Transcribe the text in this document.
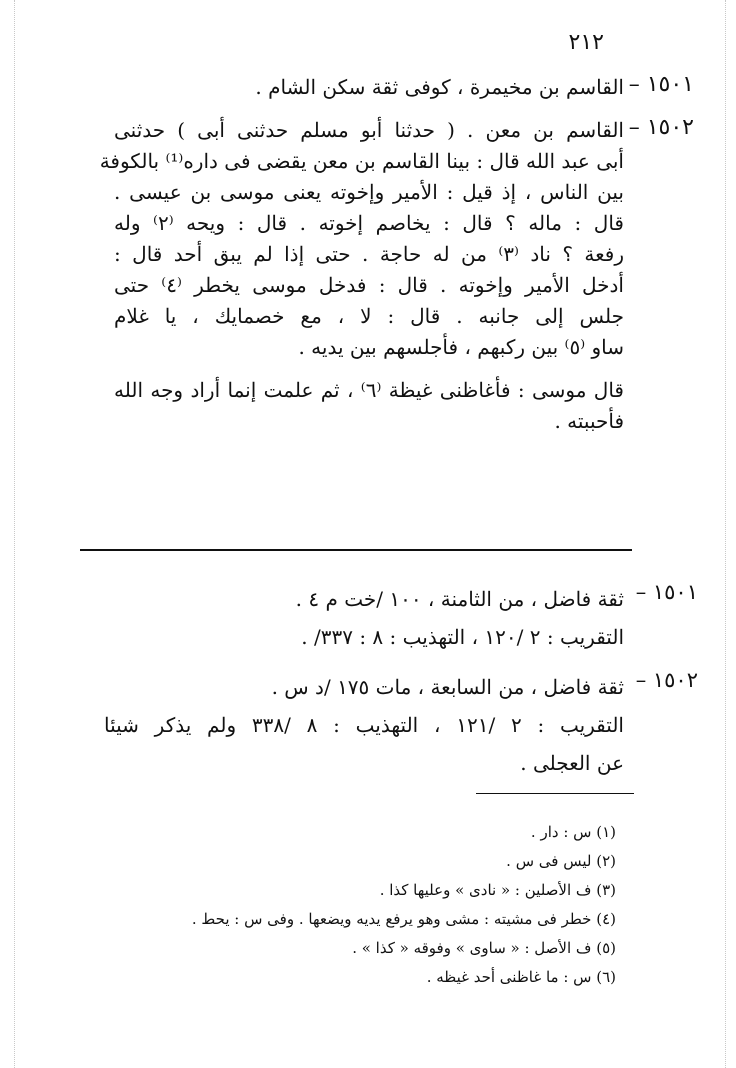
٢١٢
١٥٠١ –
القاسم بن مخيمرة ، كوفى ثقة سكن الشام .
١٥٠٢ –
القاسم بن معن . ( حدثنا أبو مسلم حدثنى أبى ) حدثنى
أبى عبد الله قال : بينا القاسم بن معن يقضى فى داره⁽¹⁾ بالكوفة
بين الناس ، إذ قيل : الأمير وإخوته يعنى موسى بن عيسى .
قال : ماله ؟ قال : يخاصم إخوته . قال : ويحه ⁽٢⁾ وله
رفعة ؟ ناد ⁽٣⁾ من له حاجة . حتى إذا لم يبق أحد قال :
أدخل الأمير وإخوته . قال : فدخل موسى يخطر ⁽٤⁾ حتى
جلس إلى جانبه . قال : لا ، مع خصمايك ، يا غلام
ساو ⁽٥⁾ بين ركبهم ، فأجلسهم بين يديه .
قال موسى : فأغاظنى غيظة ⁽٦⁾ ، ثم علمت إنما أراد وجه الله
فأحببته .
١٥٠١ –
ثقة فاضل ، من الثامنة ، ١٠٠ /خت م ٤ .
التقريب : ٢ /١٢٠ ، التهذيب : ٨ : ٣٣٧/ .
١٥٠٢ –
ثقة فاضل ، من السابعة ، مات ١٧٥ /د س .
التقريب : ٢ /١٢١ ، التهذيب : ٨ /٣٣٨ ولم يذكر شيئا
عن العجلى .
(١) س : دار .
(٢) ليس فى س .
(٣) ف الأصلين : « نادى » وعليها كذا .
(٤) خطر فى مشيته : مشى وهو يرفع يديه ويضعها . وفى س : يحط .
(٥) ف الأصل : « ساوى » وفوقه « كذا » .
(٦) س : ما غاظنى أحد غيظه .
